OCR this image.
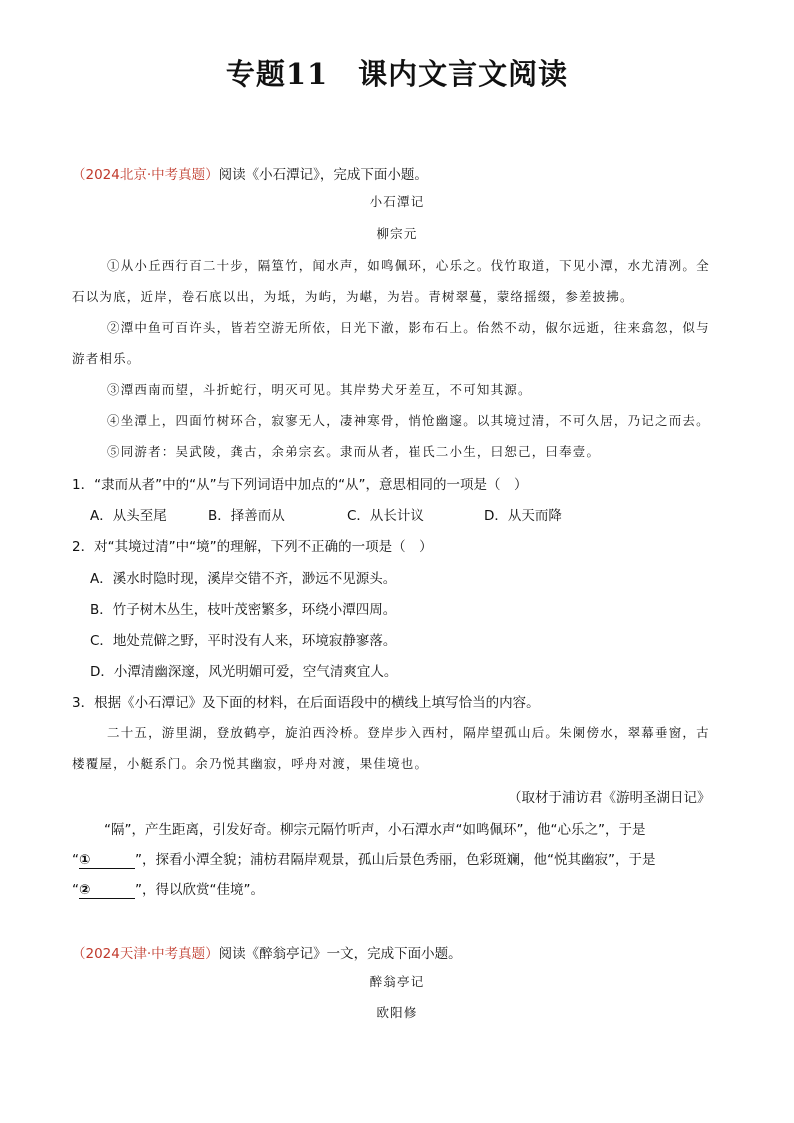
专题11 课内文言文阅读
（2024北京·中考真题）阅读《小石潭记》，完成下面小题。
小石潭记
柳宗元
①从小丘西行百二十步，隔篁竹，闻水声，如鸣佩环，心乐之。伐竹取道，下见小潭，水尤清冽。全
石以为底，近岸，卷石底以出，为坻，为屿，为嵁，为岩。青树翠蔓，蒙络摇缀，参差披拂。
②潭中鱼可百许头，皆若空游无所依，日光下澈，影布石上。佁然不动，俶尔远逝，往来翕忽，似与
游者相乐。
③潭西南而望，斗折蛇行，明灭可见。其岸势犬牙差互，不可知其源。
④坐潭上，四面竹树环合，寂寥无人，凄神寒骨，悄怆幽邃。以其境过清，不可久居，乃记之而去。
⑤同游者：吴武陵，龚古，余弟宗玄。隶而从者，崔氏二小生，曰恕己，曰奉壹。
1．“隶而从者”中的“从”与下列词语中加点的“从”，意思相同的一项是（　）
A．从头至尾	B．择善而从	C．从长计议	D．从天而降
2．对“其境过清”中“境”的理解，下列不正确的一项是（　）
A．溪水时隐时现，溪岸交错不齐，渺远不见源头。
B．竹子树木丛生，枝叶茂密繁多，环绕小潭四周。
C．地处荒僻之野，平时没有人来，环境寂静寥落。
D．小潭清幽深邃，风光明媚可爱，空气清爽宜人。
3．根据《小石潭记》及下面的材料，在后面语段中的横线上填写恰当的内容。
二十五，游里湖，登放鹤亭，旋泊西泠桥。登岸步入西村，隔岸望孤山后。朱阑傍水，翠幕垂窗，古
楼覆屋，小艇系门。余乃悦其幽寂，呼舟对渡，果佳境也。
（取材于浦访君《游明圣湖日记》
“隔”，产生距离，引发好奇。柳宗元隔竹听声，小石潭水声“如鸣佩环”，他“心乐之”，于是
“①	”，探看小潭全貌；浦枋君隔岸观景，孤山后景色秀丽，色彩斑斓，他“悦其幽寂”，于是
“②	”，得以欣赏“佳境”。
（2024天津·中考真题）阅读《醉翁亭记》一文，完成下面小题。
醉翁亭记
欧阳修
